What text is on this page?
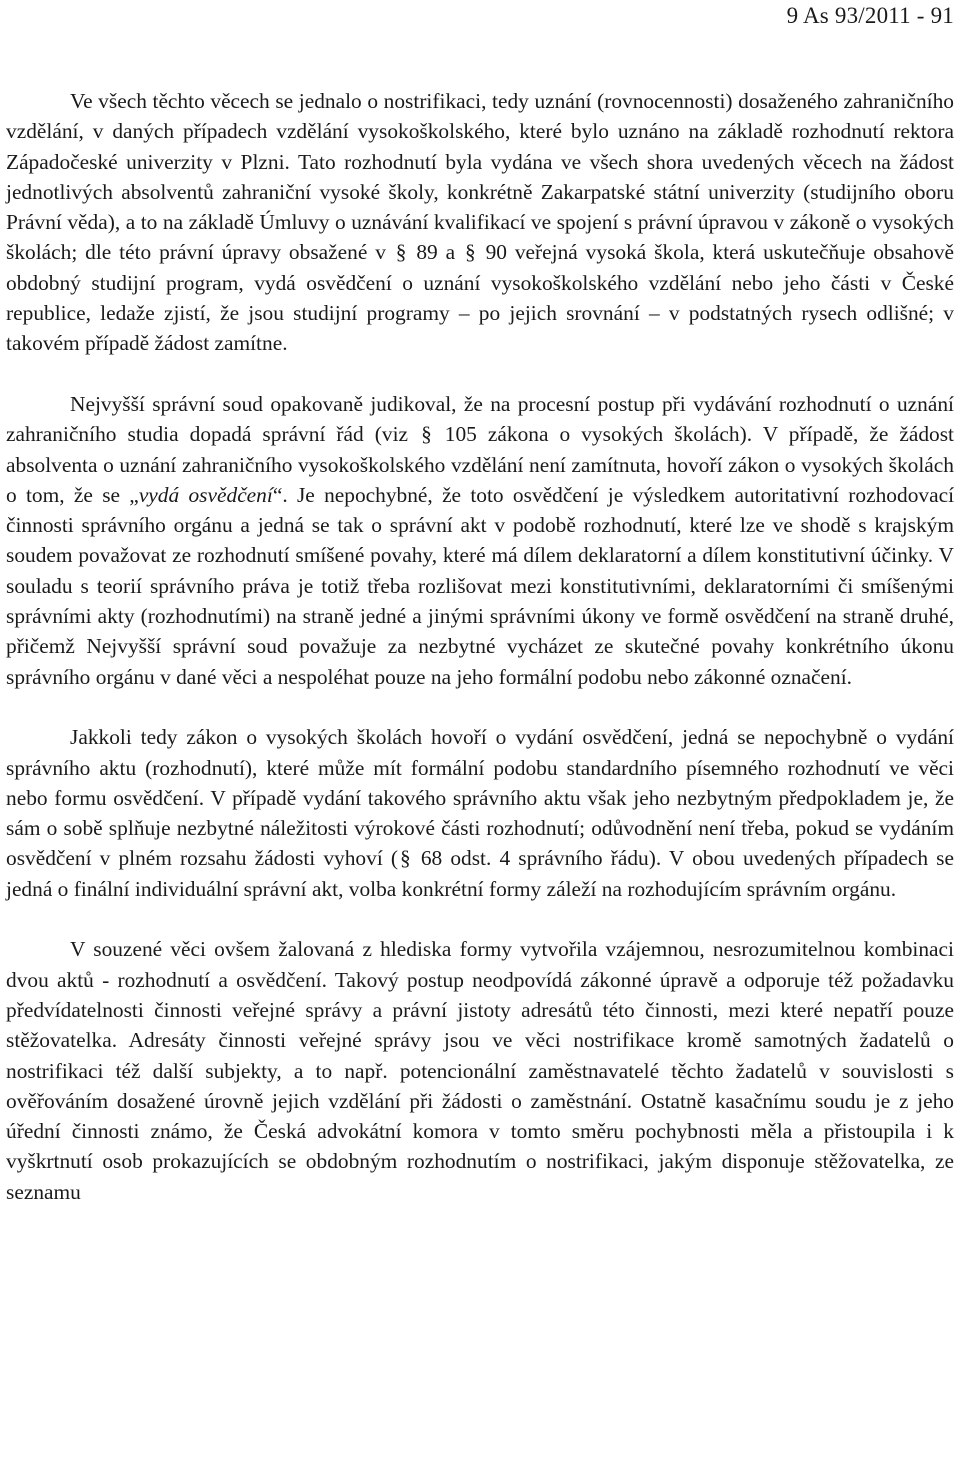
9 As 93/2011 - 91

Ve všech těchto věcech se jednalo o nostrifikaci, tedy uznání (rovnocennosti) dosaženého zahraničního vzdělání, v daných případech vzdělání vysokoškolského, které bylo uznáno na základě rozhodnutí rektora Západočeské univerzity v Plzni. Tato rozhodnutí byla vydána ve všech shora uvedených věcech na žádost jednotlivých absolventů zahraniční vysoké školy, konkrétně Zakarpatské státní univerzity (studijního oboru Právní věda), a to na základě Úmluvy o uznávání kvalifikací ve spojení s právní úpravou v zákoně o vysokých školách; dle této právní úpravy obsažené v § 89 a § 90 veřejná vysoká škola, která uskutečňuje obsahově obdobný studijní program, vydá osvědčení o uznání vysokoškolského vzdělání nebo jeho části v České republice, ledaže zjistí, že jsou studijní programy – po jejich srovnání – v podstatných rysech odlišné; v takovém případě žádost zamítne.

Nejvyšší správní soud opakovaně judikoval, že na procesní postup při vydávání rozhodnutí o uznání zahraničního studia dopadá správní řád (viz § 105 zákona o vysokých školách). V případě, že žádost absolventa o uznání zahraničního vysokoškolského vzdělání není zamítnuta, hovoří zákon o vysokých školách o tom, že se „vydá osvědčení“. Je nepochybné, že toto osvědčení je výsledkem autoritativní rozhodovací činnosti správního orgánu a jedná se tak o správní akt v podobě rozhodnutí, které lze ve shodě s krajským soudem považovat ze rozhodnutí smíšené povahy, které má dílem deklaratorní a dílem konstitutivní účinky. V souladu s teorií správního práva je totiž třeba rozlišovat mezi konstitutivními, deklaratorními či smíšenými správními akty (rozhodnutími) na straně jedné a jinými správními úkony ve formě osvědčení na straně druhé, přičemž Nejvyšší správní soud považuje za nezbytné vycházet ze skutečné povahy konkrétního úkonu správního orgánu v dané věci a nespoléhat pouze na jeho formální podobu nebo zákonné označení.

Jakkoli tedy zákon o vysokých školách hovoří o vydání osvědčení, jedná se nepochybně o vydání správního aktu (rozhodnutí), které může mít formální podobu standardního písemného rozhodnutí ve věci nebo formu osvědčení. V případě vydání takového správního aktu však jeho nezbytným předpokladem je, že sám o sobě splňuje nezbytné náležitosti výrokové části rozhodnutí; odůvodnění není třeba, pokud se vydáním osvědčení v plném rozsahu žádosti vyhoví (§ 68 odst. 4 správního řádu). V obou uvedených případech se jedná o finální individuální správní akt, volba konkrétní formy záleží na rozhodujícím správním orgánu.

V souzené věci ovšem žalovaná z hlediska formy vytvořila vzájemnou, nesrozumitelnou kombinaci dvou aktů - rozhodnutí a osvědčení. Takový postup neodpovídá zákonné úpravě a odporuje též požadavku předvídatelnosti činnosti veřejné správy a právní jistoty adresátů této činnosti, mezi které nepatří pouze stěžovatelka. Adresáty činnosti veřejné správy jsou ve věci nostrifikace kromě samotných žadatelů o nostrifikaci též další subjekty, a to např. potencionální zaměstnavatelé těchto žadatelů v souvislosti s ověřováním dosažené úrovně jejich vzdělání při žádosti o zaměstnání. Ostatně kasačnímu soudu je z jeho úřední činnosti známo, že Česká advokátní komora v tomto směru pochybnosti měla a přistoupila i k vyškrtnutí osob prokazujících se obdobným rozhodnutím o nostrifikaci, jakým disponuje stěžovatelka, ze seznamu
